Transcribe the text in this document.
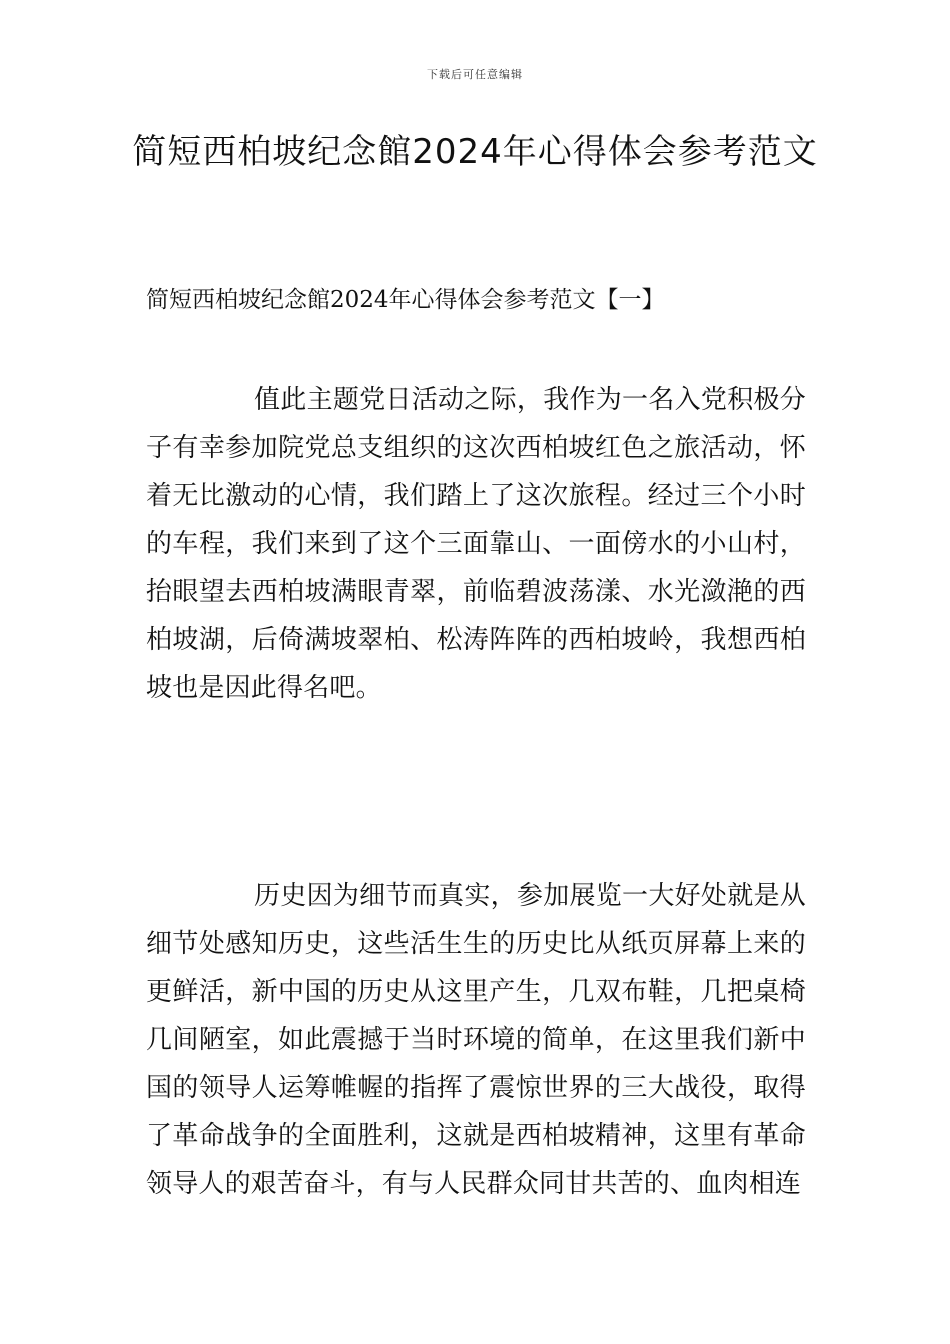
下载后可任意编辑
简短西柏坡纪念館2024年心得体会参考范文
简短西柏坡纪念館2024年心得体会参考范文【一】

值此主题党日活动之际，我作为一名入党积极分子有幸参加院党总支组织的这次西柏坡红色之旅活动，怀着无比激动的心情，我们踏上了这次旅程。经过三个小时的车程，我们来到了这个三面靠山、一面傍水的小山村，抬眼望去西柏坡满眼青翠，前临碧波荡漾、水光潋滟的西柏坡湖，后倚满坡翠柏、松涛阵阵的西柏坡岭，我想西柏坡也是因此得名吧。

历史因为细节而真实，参加展览一大好处就是从细节处感知历史，这些活生生的历史比从纸页屏幕上来的更鲜活，新中国的历史从这里产生，几双布鞋，几把桌椅几间陋室，如此震撼于当时环境的简单，在这里我们新中国的领导人运筹帷幄的指挥了震惊世界的三大战役，取得了革命战争的全面胜利，这就是西柏坡精神，这里有革命领导人的艰苦奋斗，有与人民群众同甘共苦的、血肉相连
